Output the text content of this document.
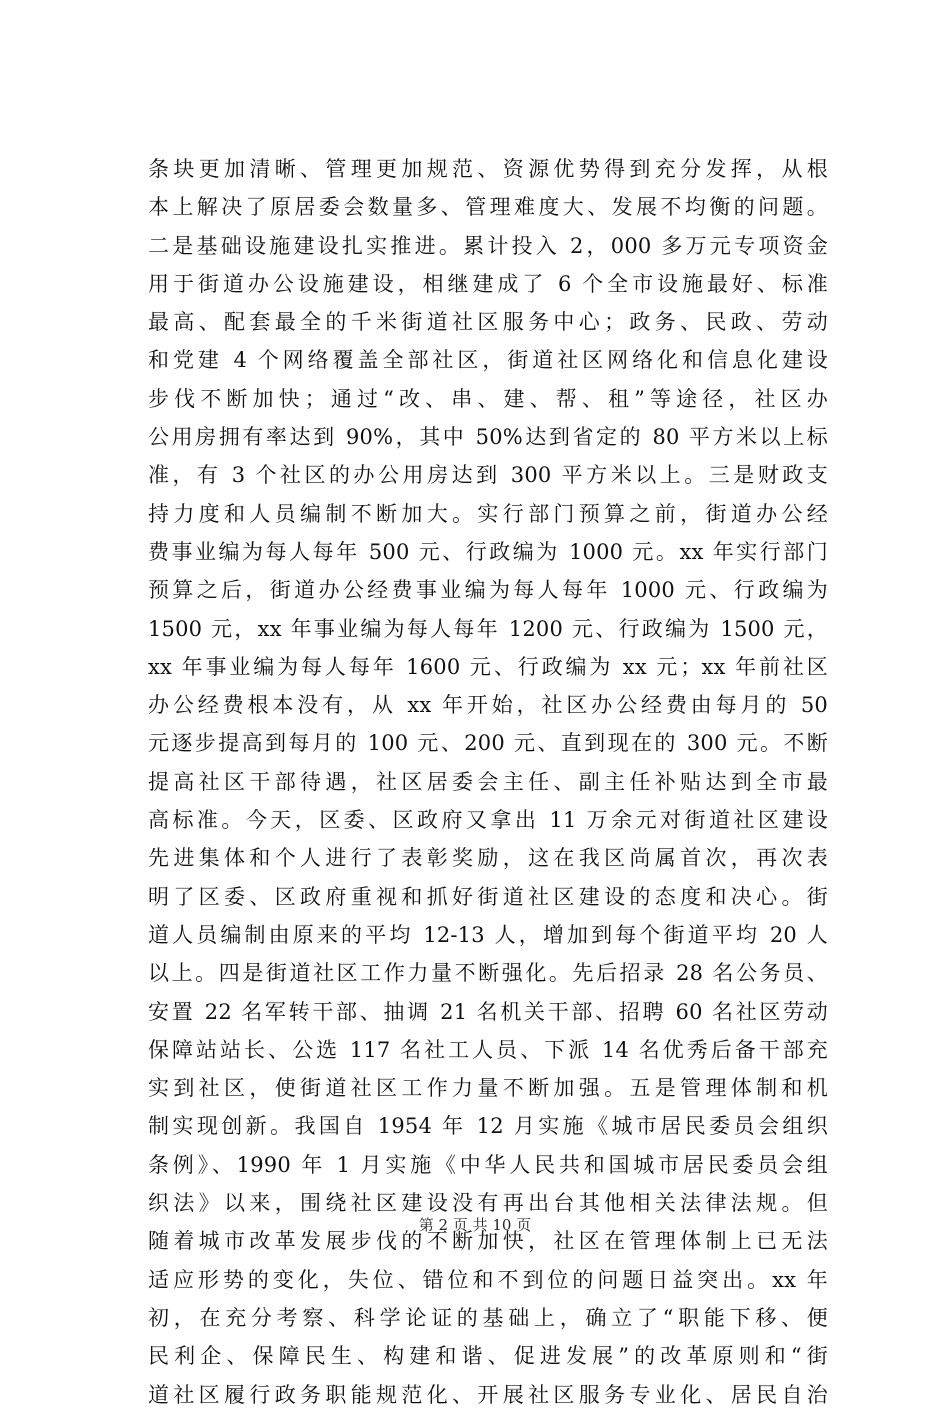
条块更加清晰、管理更加规范、资源优势得到充分发挥，从根
本上解决了原居委会数量多、管理难度大、发展不均衡的问题。
二是基础设施建设扎实推进。累计投入 2，000 多万元专项资金
用于街道办公设施建设，相继建成了 6 个全市设施最好、标准
最高、配套最全的千米街道社区服务中心；政务、民政、劳动
和党建 4 个网络覆盖全部社区，街道社区网络化和信息化建设
步伐不断加快；通过“改、串、建、帮、租”等途径，社区办
公用房拥有率达到 90%，其中 50%达到省定的 80 平方米以上标
准，有 3 个社区的办公用房达到 300 平方米以上。三是财政支
持力度和人员编制不断加大。实行部门预算之前，街道办公经
费事业编为每人每年 500 元、行政编为 1000 元。xx 年实行部门
预算之后，街道办公经费事业编为每人每年 1000 元、行政编为
1500 元，xx 年事业编为每人每年 1200 元、行政编为 1500 元，
xx 年事业编为每人每年 1600 元、行政编为 xx 元；xx 年前社区
办公经费根本没有，从 xx 年开始，社区办公经费由每月的 50
元逐步提高到每月的 100 元、200 元、直到现在的 300 元。不断
提高社区干部待遇，社区居委会主任、副主任补贴达到全市最
高标准。今天，区委、区政府又拿出 11 万余元对街道社区建设
先进集体和个人进行了表彰奖励，这在我区尚属首次，再次表
明了区委、区政府重视和抓好街道社区建设的态度和决心。街
道人员编制由原来的平均 12-13 人，增加到每个街道平均 20 人
以上。四是街道社区工作力量不断强化。先后招录 28 名公务员、
安置 22 名军转干部、抽调 21 名机关干部、招聘 60 名社区劳动
保障站站长、公选 117 名社工人员、下派 14 名优秀后备干部充
实到社区，使街道社区工作力量不断加强。五是管理体制和机
制实现创新。我国自 1954 年 12 月实施《城市居民委员会组织
条例》、1990 年 1 月实施《中华人民共和国城市居民委员会组
织法》以来，围绕社区建设没有再出台其他相关法律法规。但
随着城市改革发展步伐的不断加快，社区在管理体制上已无法
适应形势的变化，失位、错位和不到位的问题日益突出。xx 年
初，在充分考察、科学论证的基础上，确立了“职能下移、便
民利企、保障民生、构建和谐、促进发展”的改革原则和“街
道社区履行政务职能规范化、开展社区服务专业化、居民自治
第 2 页 共 10 页
